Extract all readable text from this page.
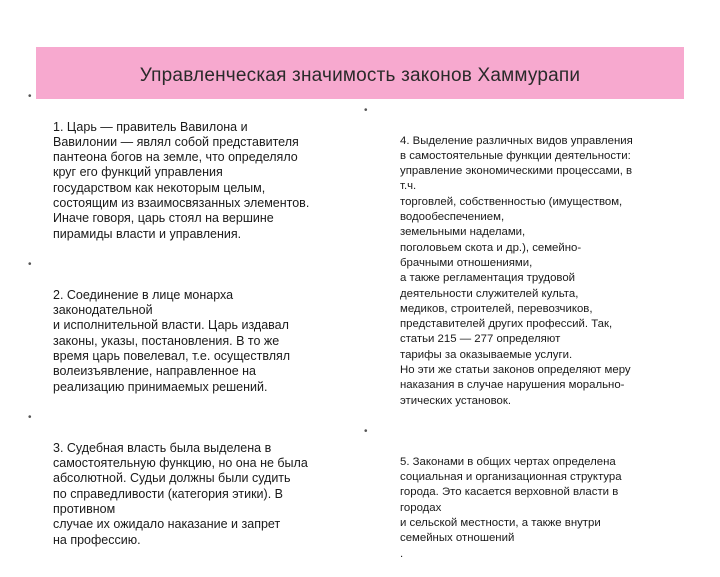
Управленческая значимость законов Хаммурапи

•

1. Царь — правитель Вавилона и
Вавилонии — являл собой представителя
пантеона богов на земле, что определяло
круг его функций управления
государством как некоторым целым,
состоящим из взаимосвязанных элементов.
Иначе говоря, царь стоял на вершине
пирамиды власти и управления.

•

2. Соединение в лице монарха
законодательной
и исполнительной власти. Царь издавал
законы, указы, постановления. В то же
время царь повелевал, т.е. осуществлял
волеизъявление, направленное на
реализацию принимаемых решений.

•

3. Судебная власть была выделена в
самостоятельную функцию, но она не была
абсолютной. Судьи должны были судить
по справедливости (категория этики). В
противном
случае их ожидало наказание и запрет
на профессию.

•

4. Выделение различных видов управления
в самостоятельные функции деятельности:
управление экономическими процессами, в
т.ч.
торговлей, собственностью (имуществом,
водообеспечением,
земельными наделами,
поголовьем скота и др.), семейно-
брачными отношениями,
а также регламентация трудовой
деятельности служителей культа,
медиков, строителей, перевозчиков,
представителей других профессий. Так,
статьи 215 — 277 определяют
тарифы за оказываемые услуги.
Но эти же статьи законов определяют меру
наказания в случае нарушения морально-
этических установок.

•

5. Законами в общих чертах определена
социальная и организационная структура
города. Это касается верховной власти в
городах
и сельской местности, а также внутри
семейных отношений
.
